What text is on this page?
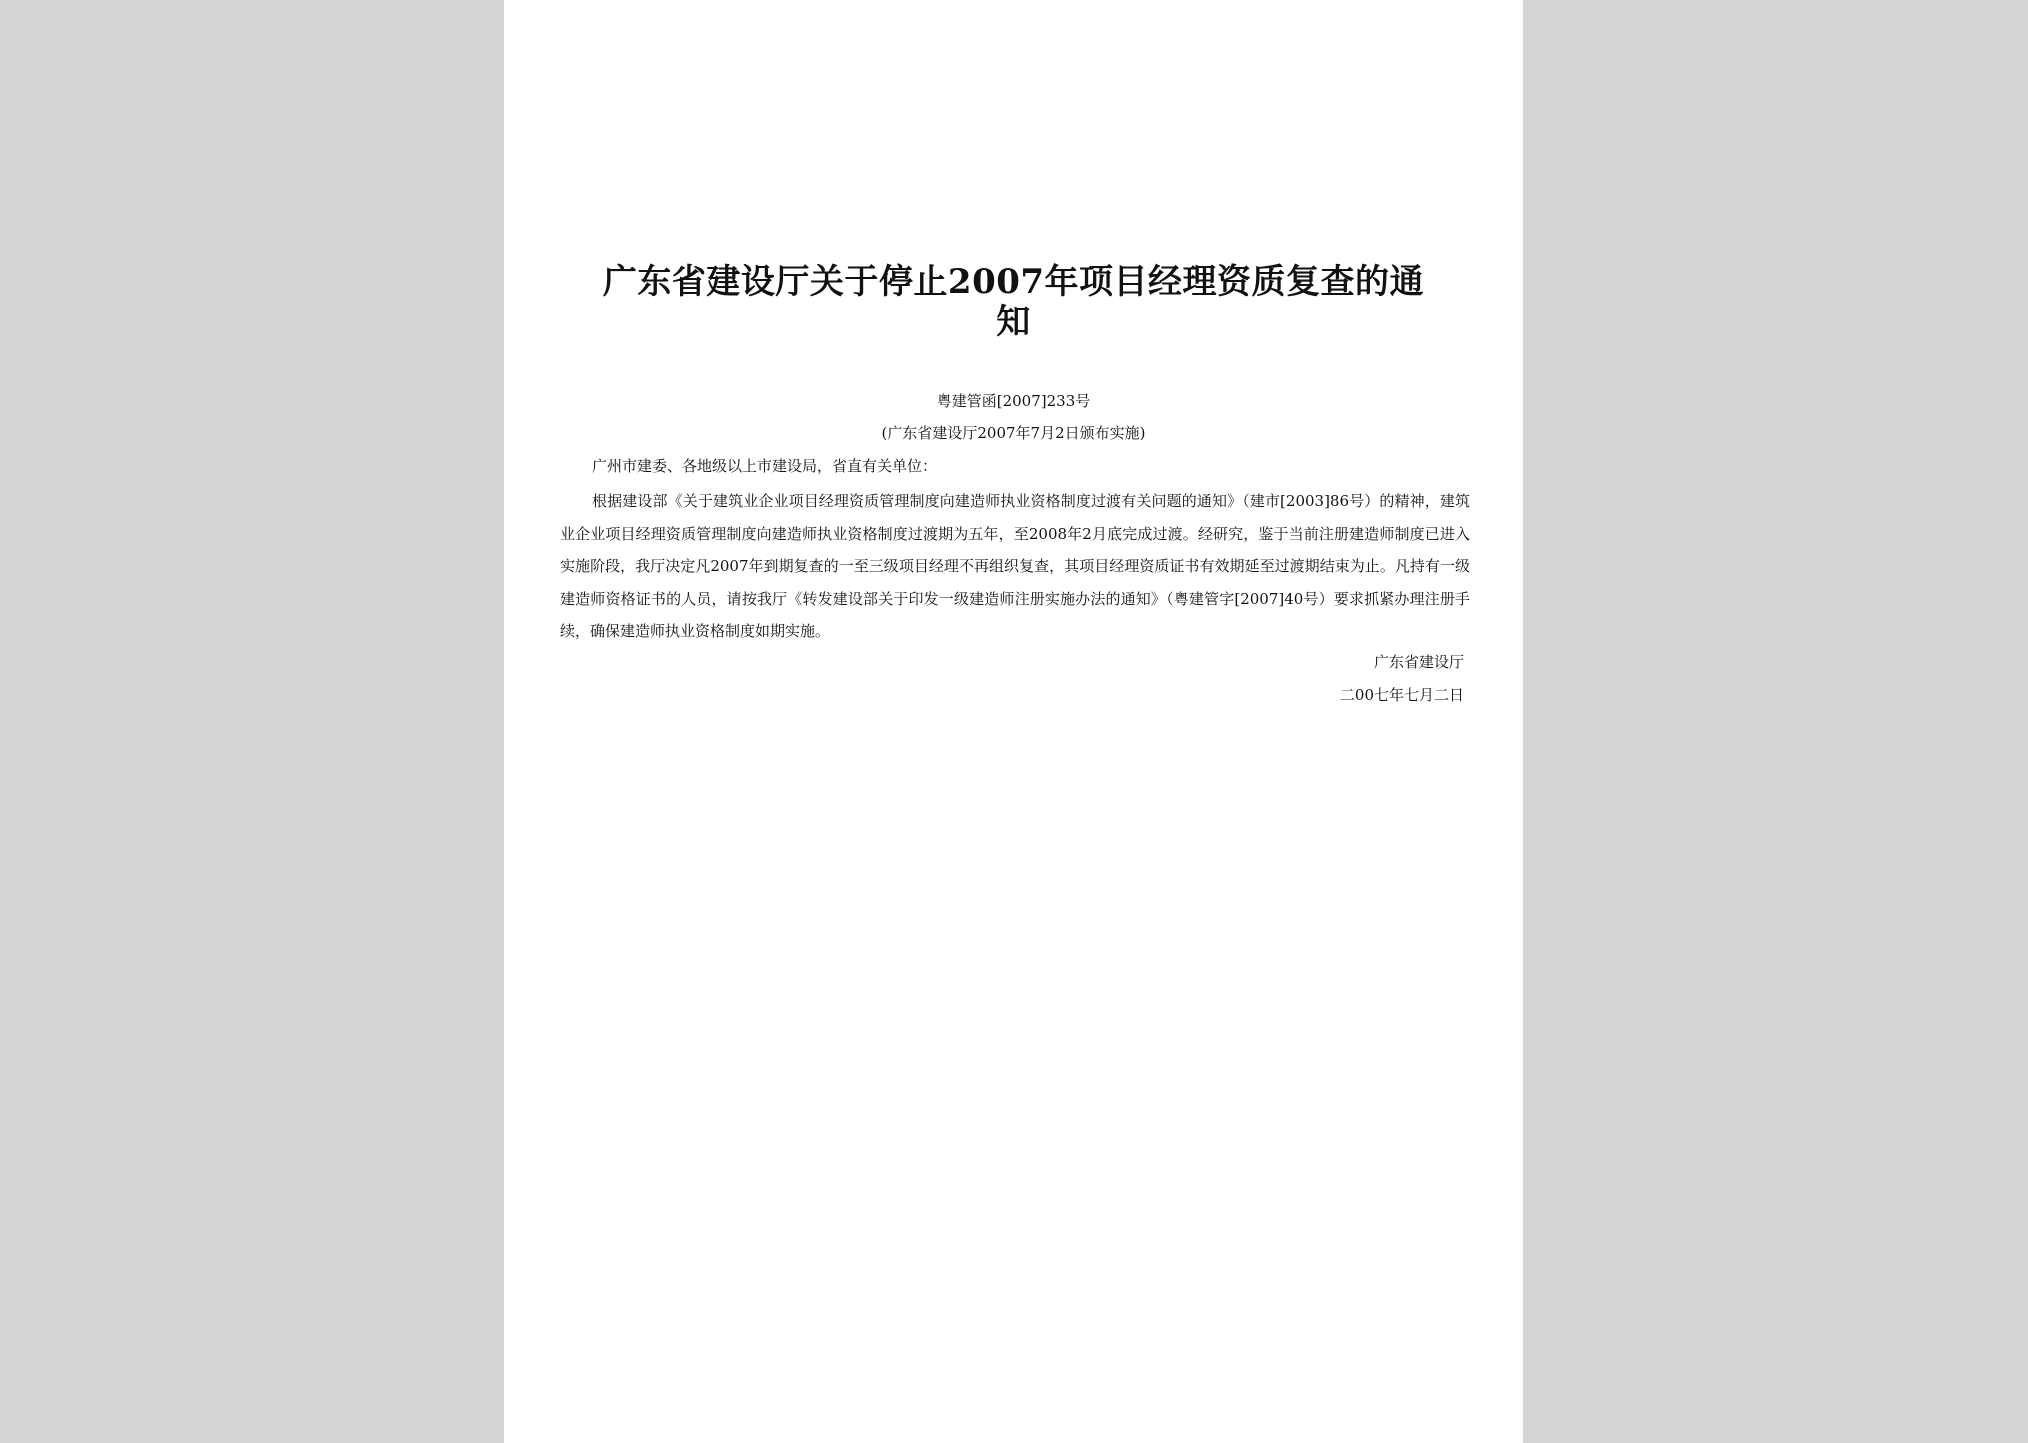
广东省建设厅关于停止2007年项目经理资质复查的通知
粤建管函[2007]233号
(广东省建设厅2007年7月2日颁布实施)
广州市建委、各地级以上市建设局，省直有关单位：

根据建设部《关于建筑业企业项目经理资质管理制度向建造师执业资格制度过渡有关问题的通知》（建市[2003]86号）的精神，建筑业企业项目经理资质管理制度向建造师执业资格制度过渡期为五年，至2008年2月底完成过渡。经研究，鉴于当前注册建造师制度已进入实施阶段，我厅决定凡2007年到期复查的一至三级项目经理不再组织复查，其项目经理资质证书有效期延至过渡期结束为止。凡持有一级建造师资格证书的人员，请按我厅《转发建设部关于印发一级建造师注册实施办法的通知》（粤建管字[2007]40号）要求抓紧办理注册手续，确保建造师执业资格制度如期实施。

广东省建设厅
二00七年七月二日
